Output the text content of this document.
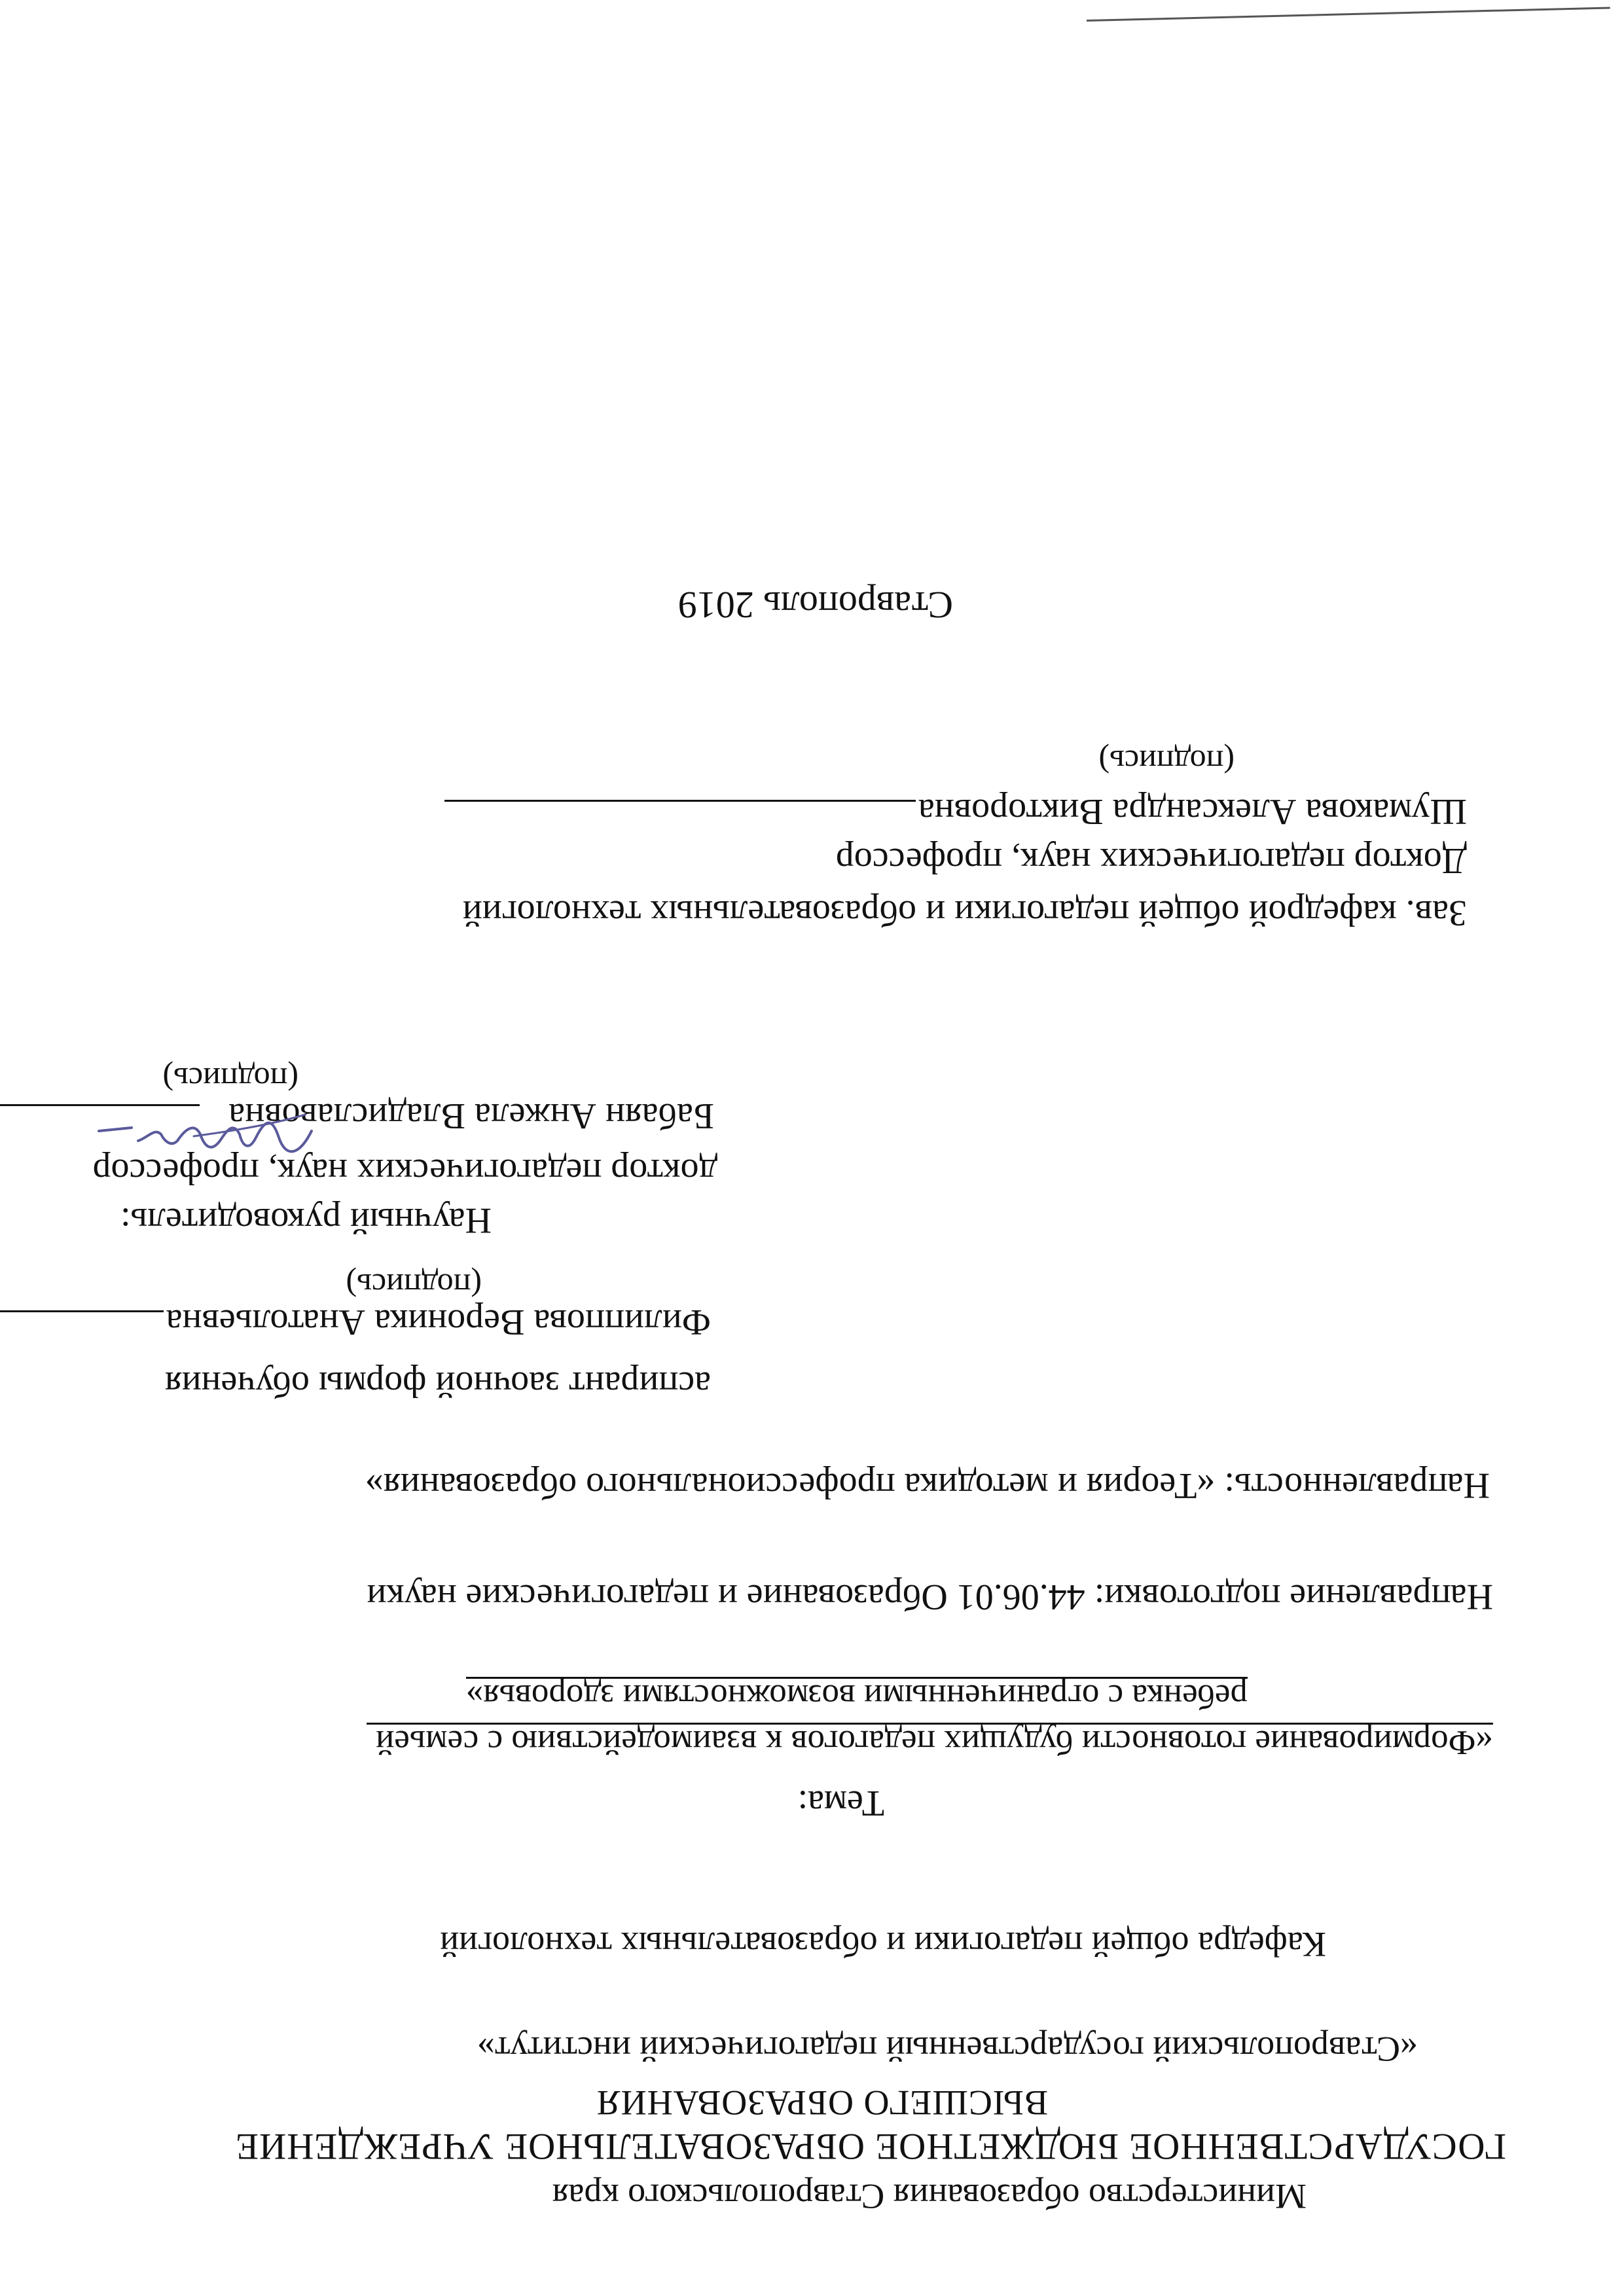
Министерство образования Ставропольского края
ГОСУДАРСТВЕННОЕ БЮДЖЕТНОЕ ОБРАЗОВАТЕЛЬНОЕ УЧРЕЖДЕНИЕ
ВЫСШЕГО ОБРАЗОВАНИЯ
«Ставропольский государственный педагогический институт»
Кафедра общей педагогики и образовательных технологий
Тема:
«Формирование готовности будущих педагогов к взаимодействию с семьей
ребенка с ограниченными возможностями здоровья»
Направление подготовки: 44.06.01 Образование и педагогические науки
Направленность: «Теория и методика профессионального образования»
аспирант заочной формы обучения
Филиппова Вероника Анатольевна
(подпись)
Научный руководитель:
доктор педагогических наук, профессор
Бабаян Анжела Владиславовна
(подпись)
Зав. кафедрой общей педагогики и образовательных технологий
Доктор педагогических наук, профессор
Шумакова Александра Викторовна
(подпись)
Ставрополь 2019
